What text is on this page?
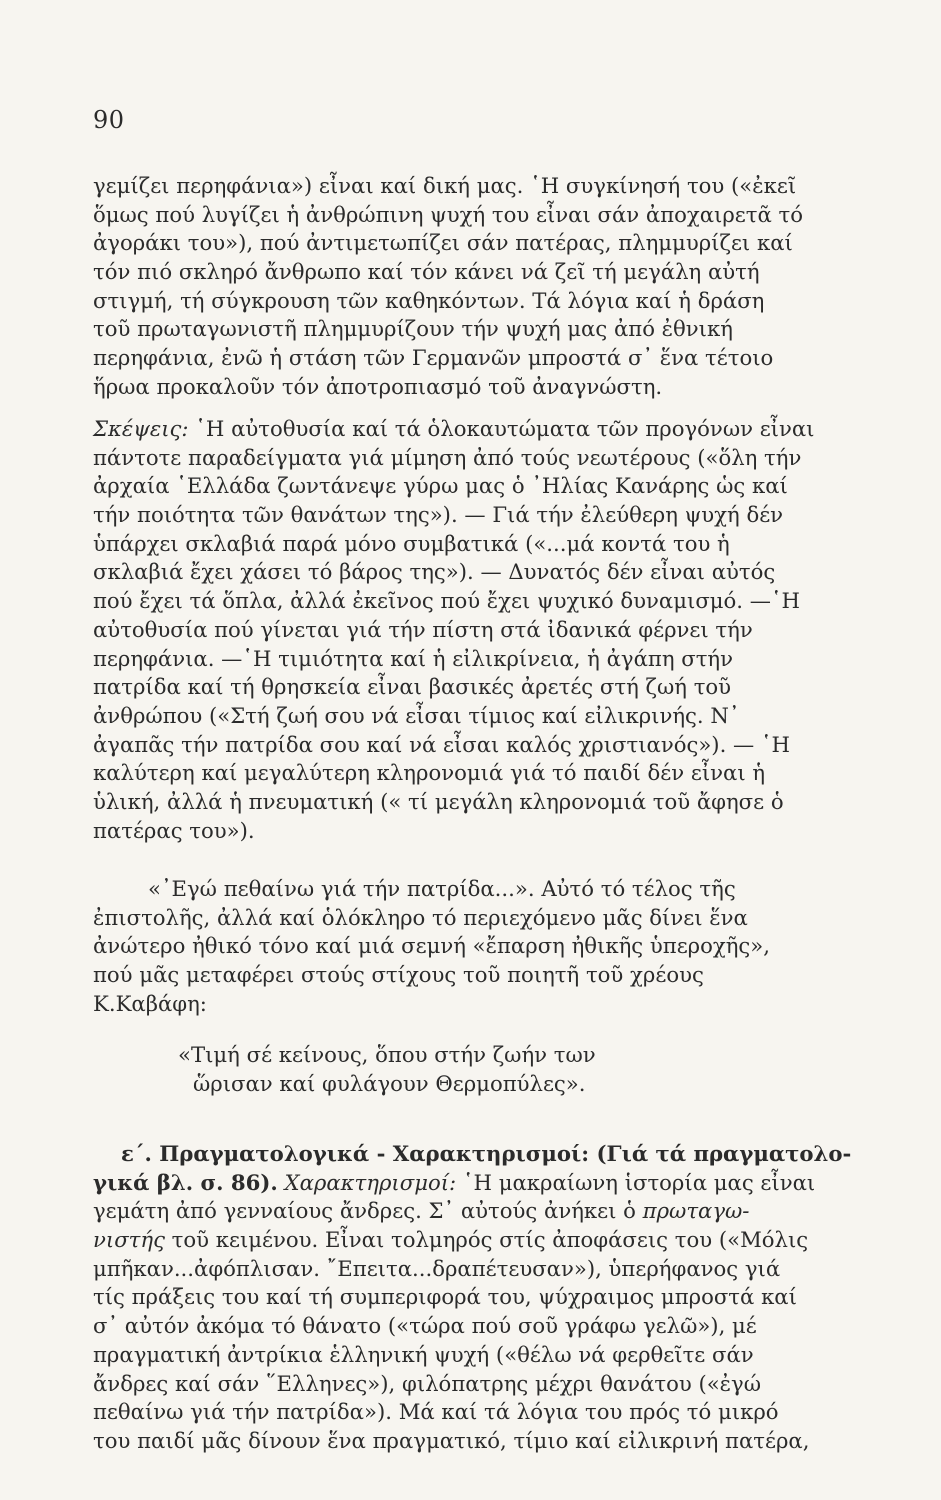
90
γεμίζει περηφάνια») εἶναι καί δική μας. ῾Η συγκίνησή του («ἐκεῖ
ὅμως πού λυγίζει ἡ ἀνθρώπινη ψυχή του εἶναι σάν ἀποχαιρετᾶ τό
ἀγοράκι του»), πού ἀντιμετωπίζει σάν πατέρας, πλημμυρίζει καί
τόν πιό σκληρό ἄνθρωπο καί τόν κάνει νά ζεῖ τή μεγάλη αὐτή
στιγμή, τή σύγκρουση τῶν καθηκόντων. Τά λόγια καί ἡ δράση
τοῦ πρωταγωνιστῆ πλημμυρίζουν τήν ψυχή μας ἀπό ἐθνική
περηφάνια, ἐνῶ ἡ στάση τῶν Γερμανῶν μπροστά σ᾿ ἕνα τέτοιο
ἥρωα προκαλοῦν τόν ἀποτροπιασμό τοῦ ἀναγνώστη.
Σκέψεις: ῾Η αὐτοθυσία καί τά ὁλοκαυτώματα τῶν προγόνων εἶναι
πάντοτε παραδείγματα γιά μίμηση ἀπό τούς νεωτέρους («ὅλη τήν
ἀρχαία ῾Ελλάδα ζωντάνεψε γύρω μας ὁ ᾿Ηλίας Κανάρης ὡς καί
τήν ποιότητα τῶν θανάτων της»). — Γιά τήν ἐλεύθερη ψυχή δέν
ὑπάρχει σκλαβιά παρά μόνο συμβατικά («...μά κοντά του ἡ
σκλαβιά ἔχει χάσει τό βάρος της»). — Δυνατός δέν εἶναι αὐτός
πού ἔχει τά ὅπλα, ἀλλά ἐκεῖνος πού ἔχει ψυχικό δυναμισμό. —῾Η
αὐτοθυσία πού γίνεται γιά τήν πίστη στά ἰδανικά φέρνει τήν
περηφάνια. —῾Η τιμιότητα καί ἡ εἰλικρίνεια, ἡ ἀγάπη στήν
πατρίδα καί τή θρησκεία εἶναι βασικές ἀρετές στή ζωή τοῦ
ἀνθρώπου («Στή ζωή σου νά εἶσαι τίμιος καί εἰλικρινής. Ν᾿
ἀγαπᾶς τήν πατρίδα σου καί νά εἶσαι καλός χριστιανός»). — ῾Η
καλύτερη καί μεγαλύτερη κληρονομιά γιά τό παιδί δέν εἶναι ἡ
ὑλική, ἀλλά ἡ πνευματική (« τί μεγάλη κληρονομιά τοῦ ἄφησε ὁ
πατέρας του»).
«᾿Εγώ πεθαίνω γιά τήν πατρίδα...». Αὐτό τό τέλος τῆς
ἐπιστολῆς, ἀλλά καί ὁλόκληρο τό περιεχόμενο μᾶς δίνει ἕνα
ἀνώτερο ἠθικό τόνο καί μιά σεμνή «ἔπαρση ἠθικῆς ὑπεροχῆς»,
πού μᾶς μεταφέρει στούς στίχους τοῦ ποιητῆ τοῦ χρέους
Κ.Καβάφη:
«Τιμή σέ κείνους, ὅπου στήν ζωήν των
ὥρισαν καί φυλάγουν Θερμοπύλες».
ε΄. Πραγματολογικά - Χαρακτηρισμοί: (Γιά τά πραγματολο-
γικά βλ. σ. 86). Χαρακτηρισμοί: ῾Η μακραίωνη ἱστορία μας εἶναι
γεμάτη ἀπό γενναίους ἄνδρες. Σ᾿ αὐτούς ἀνήκει ὁ πρωταγω-
νιστής τοῦ κειμένου. Εἶναι τολμηρός στίς ἀποφάσεις του («Μόλις
μπῆκαν...ἀφόπλισαν. ῎Επειτα...δραπέτευσαν»), ὑπερήφανος γιά
τίς πράξεις του καί τή συμπεριφορά του, ψύχραιμος μπροστά καί
σ᾿ αὐτόν ἀκόμα τό θάνατο («τώρα πού σοῦ γράφω γελῶ»), μέ
πραγματική ἀντρίκια ἑλληνική ψυχή («θέλω νά φερθεῖτε σάν
ἄνδρες καί σάν ῞Ελληνες»), φιλόπατρης μέχρι θανάτου («ἐγώ
πεθαίνω γιά τήν πατρίδα»). Μά καί τά λόγια του πρός τό μικρό
του παιδί μᾶς δίνουν ἕνα πραγματικό, τίμιο καί εἰλικρινή πατέρα,
